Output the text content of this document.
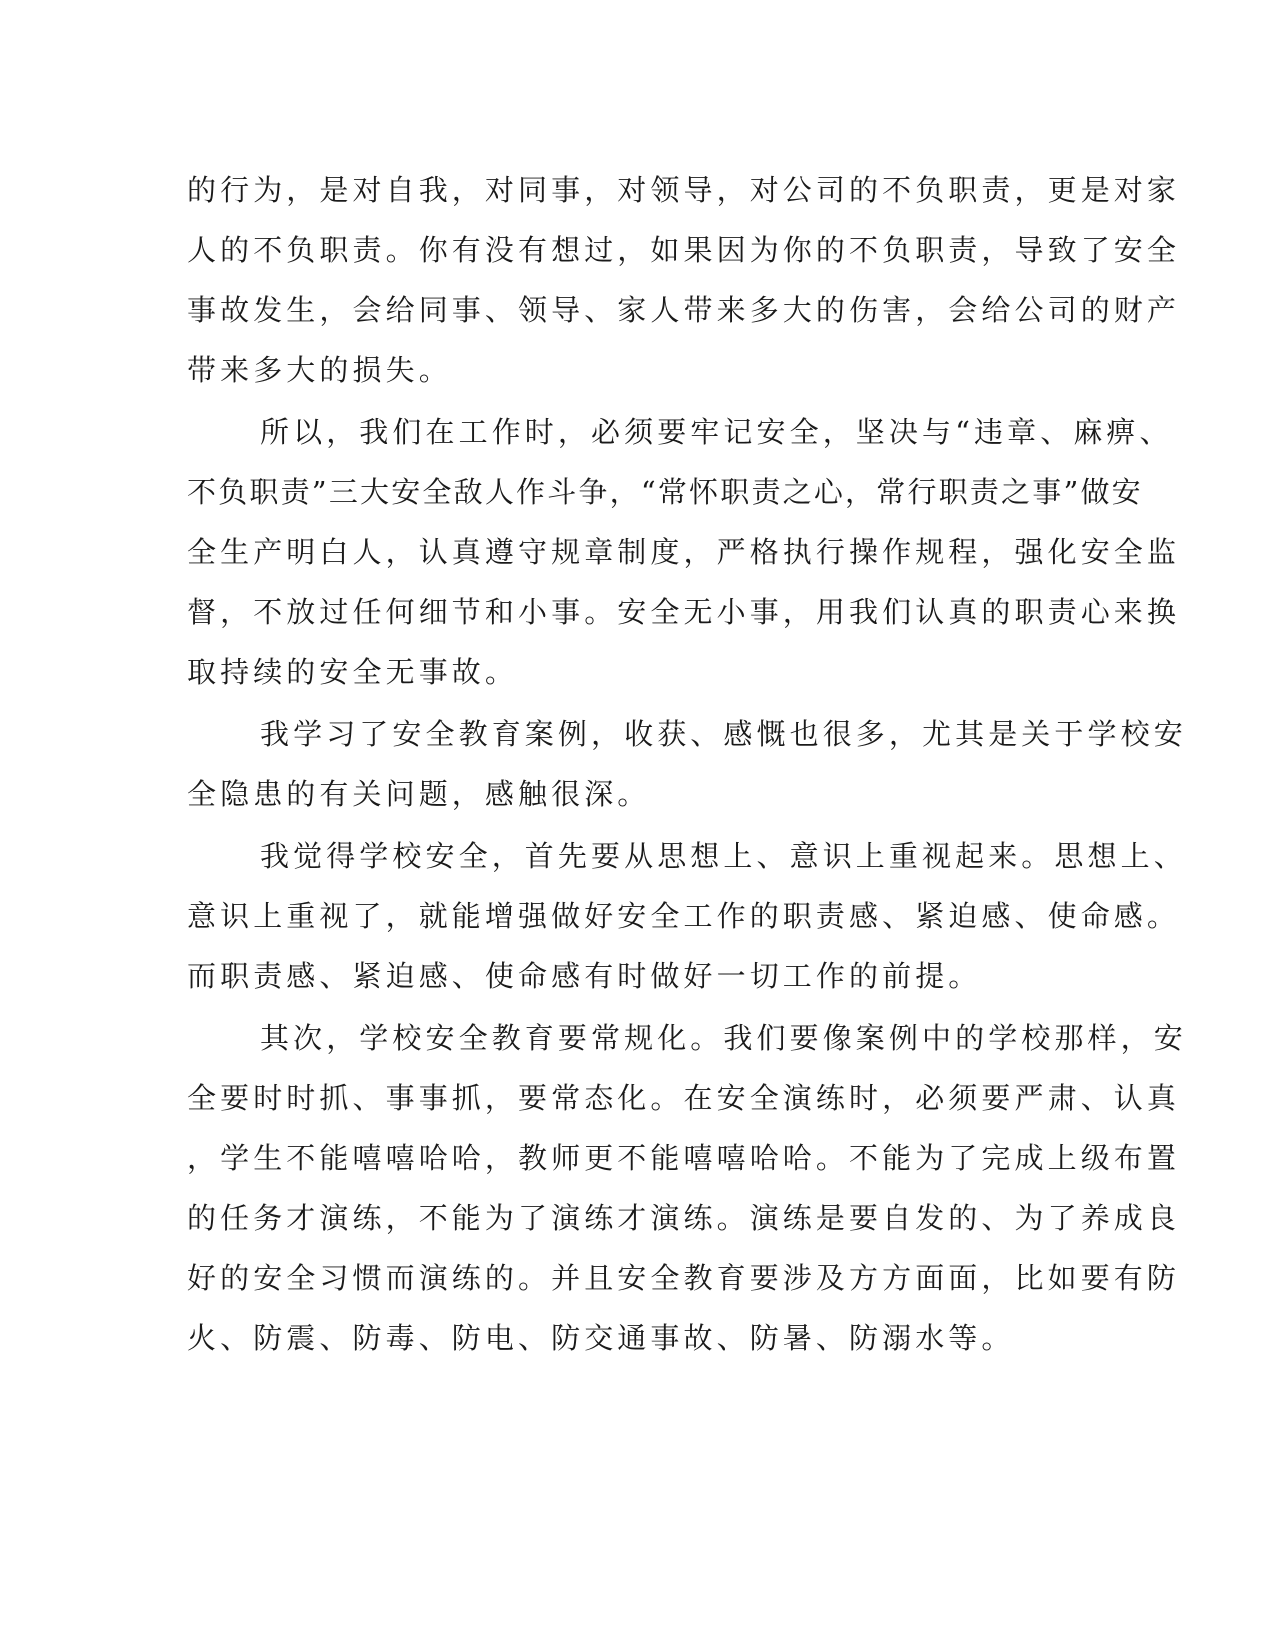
的行为，是对自我，对同事，对领导，对公司的不负职责，更是对家
人的不负职责。你有没有想过，如果因为你的不负职责，导致了安全
事故发生，会给同事、领导、家人带来多大的伤害，会给公司的财产
带来多大的损失。
所以，我们在工作时，必须要牢记安全，坚决与“违章、麻痹、
不负职责”三大安全敌人作斗争，“常怀职责之心，常行职责之事”做安
全生产明白人，认真遵守规章制度，严格执行操作规程，强化安全监
督，不放过任何细节和小事。安全无小事，用我们认真的职责心来换
取持续的安全无事故。
我学习了安全教育案例，收获、感慨也很多，尤其是关于学校安
全隐患的有关问题，感触很深。
我觉得学校安全，首先要从思想上、意识上重视起来。思想上、
意识上重视了，就能增强做好安全工作的职责感、紧迫感、使命感。
而职责感、紧迫感、使命感有时做好一切工作的前提。
其次，学校安全教育要常规化。我们要像案例中的学校那样，安
全要时时抓、事事抓，要常态化。在安全演练时，必须要严肃、认真
，学生不能嘻嘻哈哈，教师更不能嘻嘻哈哈。不能为了完成上级布置
的任务才演练，不能为了演练才演练。演练是要自发的、为了养成良
好的安全习惯而演练的。并且安全教育要涉及方方面面，比如要有防
火、防震、防毒、防电、防交通事故、防暑、防溺水等。
